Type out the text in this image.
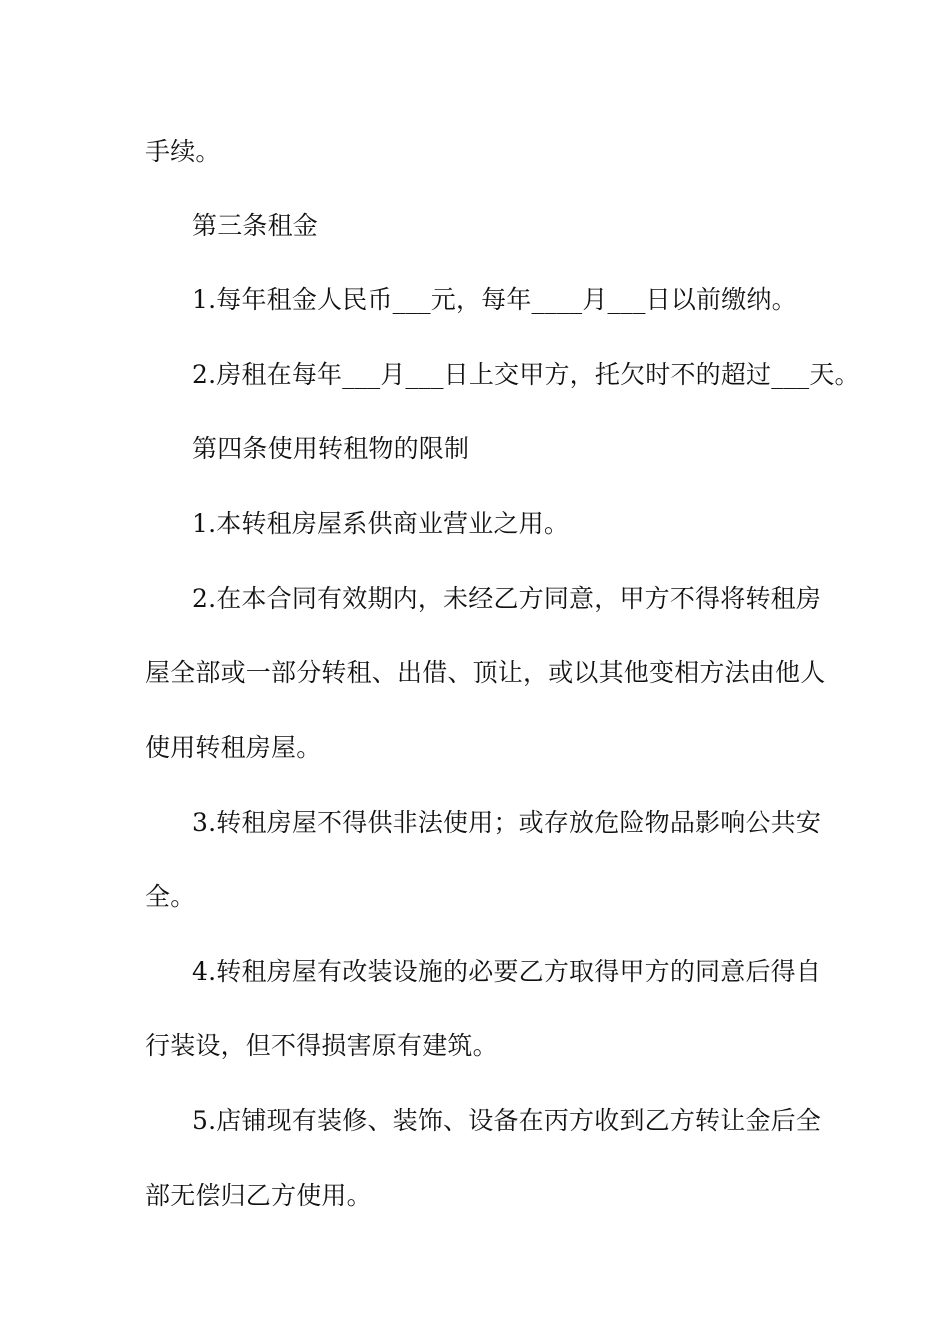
手续。
第三条租金
1.每年租金人民币___元，每年____月___日以前缴纳。
2.房租在每年___月___日上交甲方，托欠时不的超过___天。
第四条使用转租物的限制
1.本转租房屋系供商业营业之用。
2.在本合同有效期内，未经乙方同意，甲方不得将转租房
屋全部或一部分转租、出借、顶让，或以其他变相方法由他人
使用转租房屋。
3.转租房屋不得供非法使用；或存放危险物品影响公共安
全。
4.转租房屋有改装设施的必要乙方取得甲方的同意后得自
行装设，但不得损害原有建筑。
5.店铺现有装修、装饰、设备在丙方收到乙方转让金后全
部无偿归乙方使用。
